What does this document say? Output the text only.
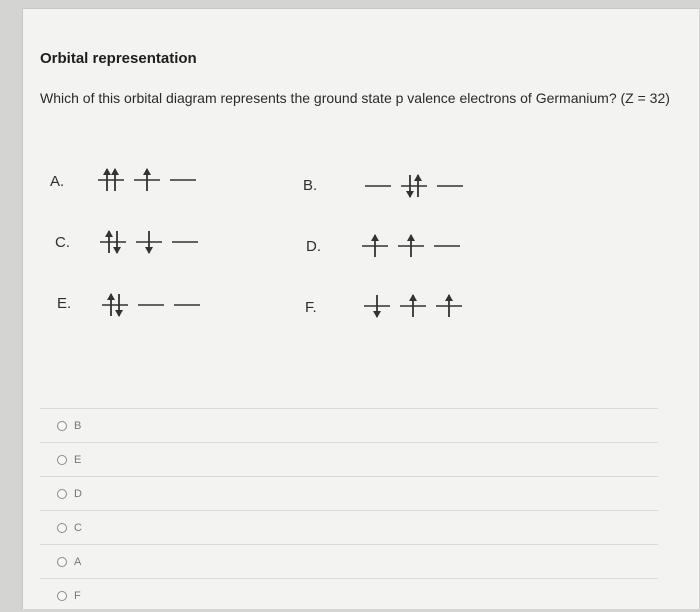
Orbital representation
Which of this orbital diagram represents the ground state p valence electrons of Germanium? (Z = 32)
A.	B.
C.	D.
E.	F.
B
E
D
C
A
F
